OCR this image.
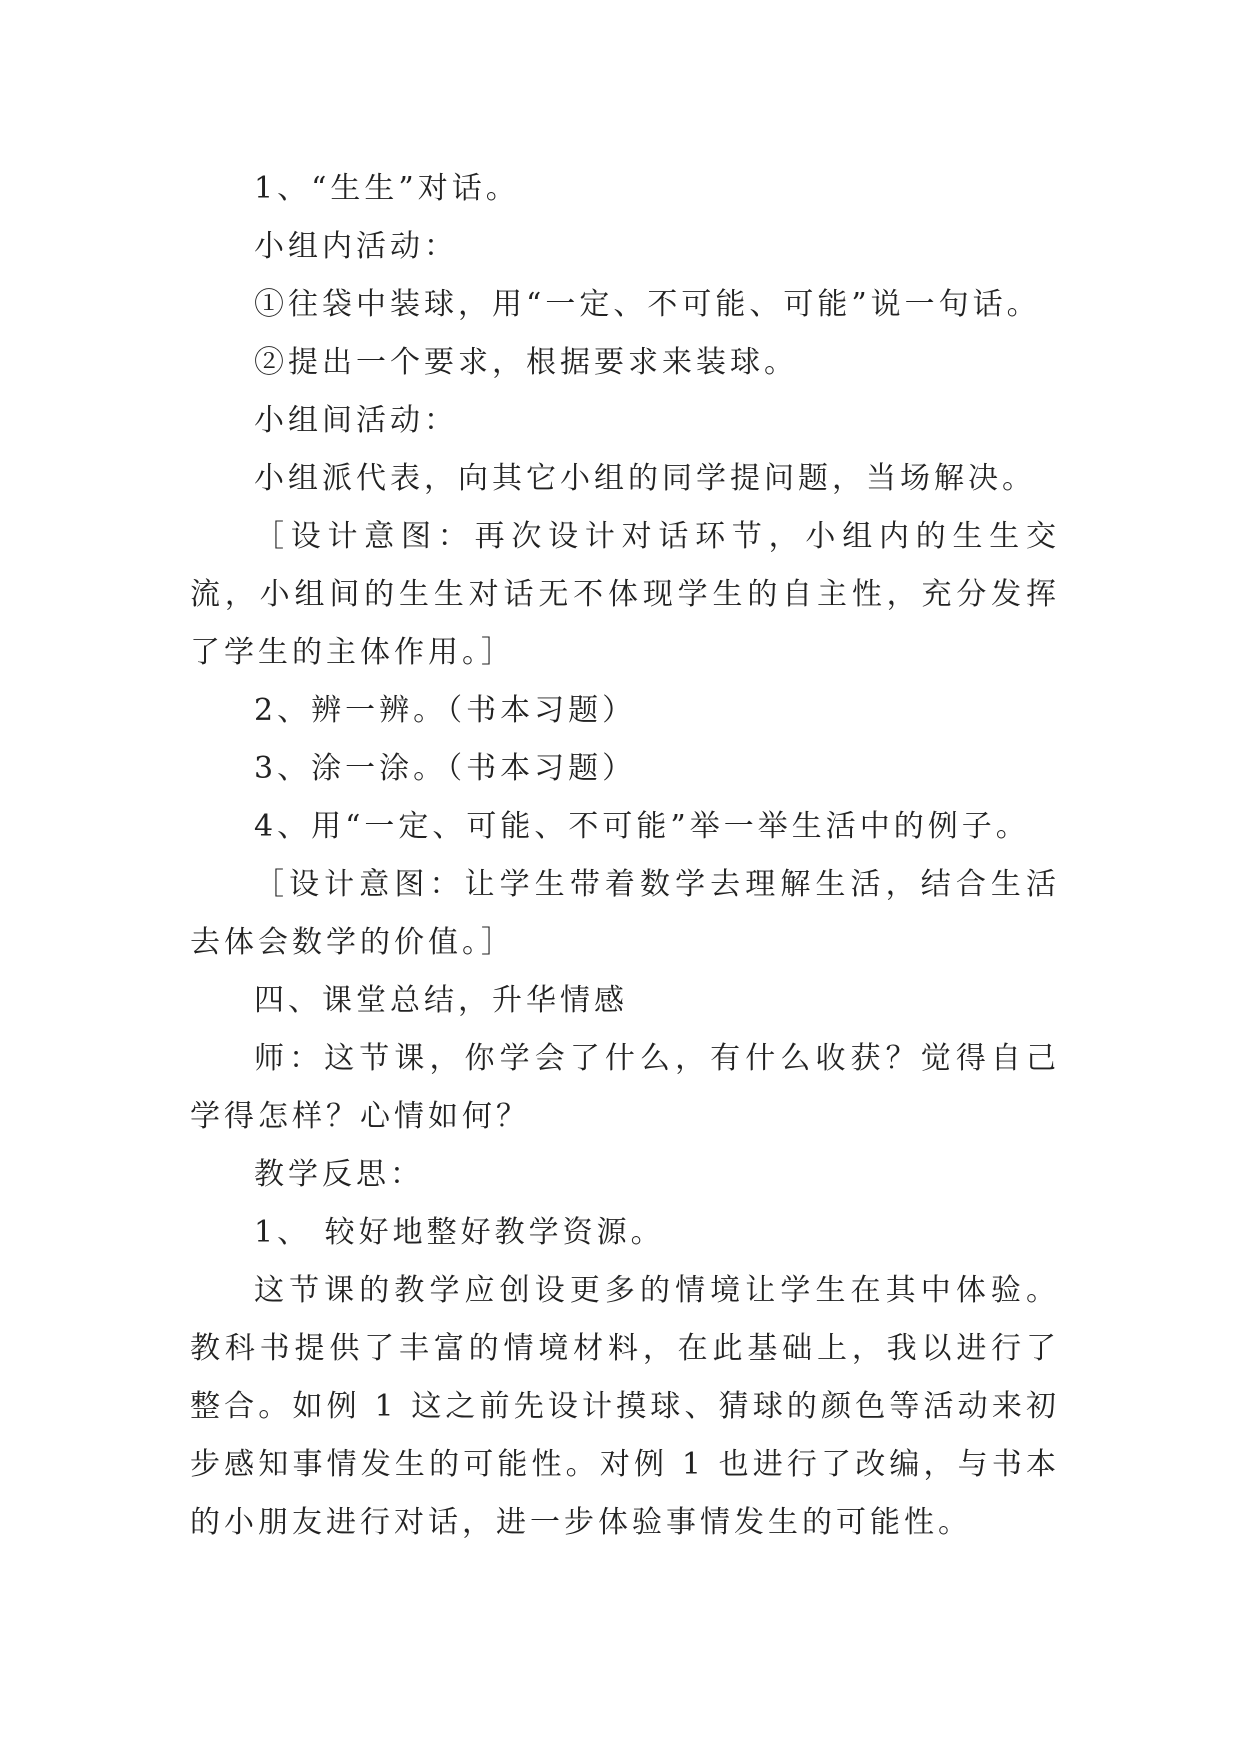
1、“生生”对话。

小组内活动：

①往袋中装球，用“一定、不可能、可能”说一句话。

②提出一个要求，根据要求来装球。

小组间活动：

小组派代表，向其它小组的同学提问题，当场解决。

［设计意图：再次设计对话环节，小组内的生生交流，小组间的生生对话无不体现学生的自主性，充分发挥了学生的主体作用。］

2、辨一辨。（书本习题）

3、涂一涂。（书本习题）

4、用“一定、可能、不可能”举一举生活中的例子。

［设计意图：让学生带着数学去理解生活，结合生活去体会数学的价值。］

四、课堂总结，升华情感

师：这节课，你学会了什么，有什么收获？觉得自己学得怎样？心情如何？

教学反思：

1、 较好地整好教学资源。

这节课的教学应创设更多的情境让学生在其中体验。教科书提供了丰富的情境材料，在此基础上，我以进行了整合。如例 1 这之前先设计摸球、猜球的颜色等活动来初步感知事情发生的可能性。对例 1 也进行了改编，与书本的小朋友进行对话，进一步体验事情发生的可能性。
